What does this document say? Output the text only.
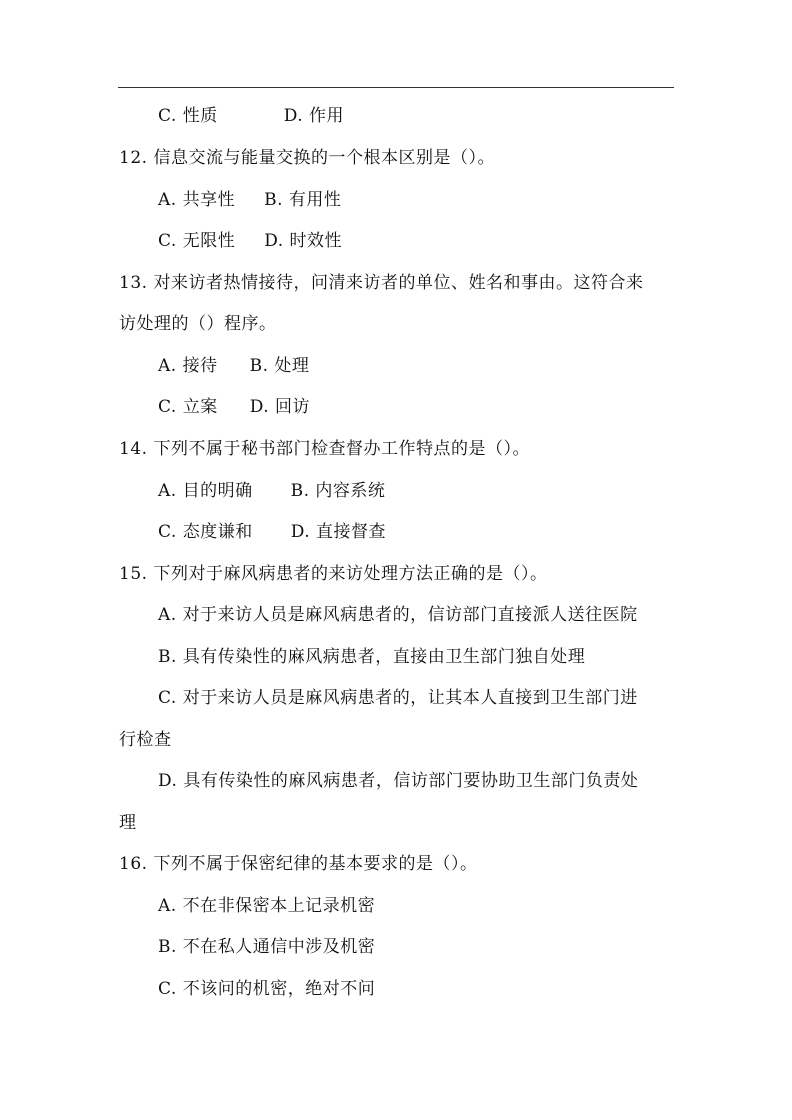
C. 性质	D. 作用
12. 信息交流与能量交换的一个根本区别是（）。
A. 共享性 B. 有用性
C. 无限性 D. 时效性
13. 对来访者热情接待，问清来访者的单位、姓名和事由。这符合来
访处理的（）程序。
A. 接待 B. 处理
C. 立案 D. 回访
14. 下列不属于秘书部门检查督办工作特点的是（）。
A. 目的明确 B. 内容系统
C. 态度谦和 D. 直接督查
15. 下列对于麻风病患者的来访处理方法正确的是（）。
A. 对于来访人员是麻风病患者的，信访部门直接派人送往医院
B. 具有传染性的麻风病患者，直接由卫生部门独自处理
C. 对于来访人员是麻风病患者的，让其本人直接到卫生部门进
行检查
D. 具有传染性的麻风病患者，信访部门要协助卫生部门负责处
理
16. 下列不属于保密纪律的基本要求的是（）。
A. 不在非保密本上记录机密
B. 不在私人通信中涉及机密
C. 不该问的机密，绝对不问
